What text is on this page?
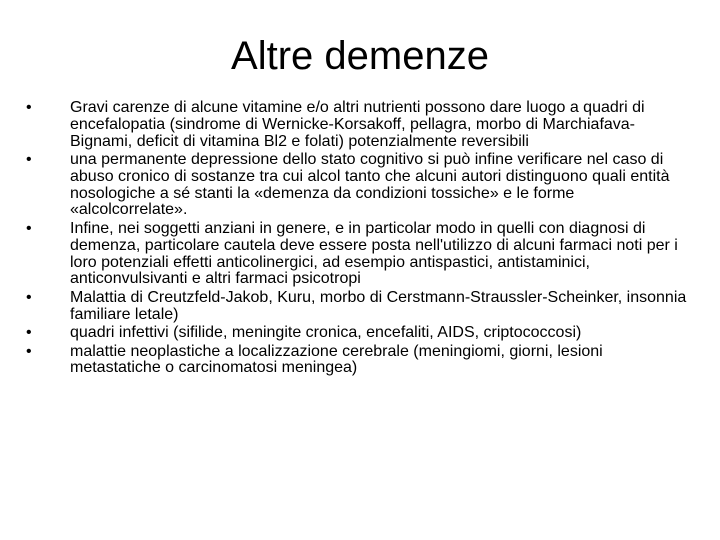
Altre demenze
•	Gravi carenze di alcune vitamine e/o altri nutrienti possono dare luogo a quadri di encefalopatia (sindrome di Wernicke-Korsakoff, pellagra, morbo di Marchiafava-Bignami, deficit di vitamina Bl2 e folati) potenzialmente reversibili
•	una permanente depressione dello stato cognitivo si può infine verificare nel caso di abuso cronico di sostanze tra cui alcol tanto che alcuni autori distinguono quali entità nosologiche a sé stanti la «demenza da condizioni tossiche» e le forme «alcolcorrelate».
•	Infine, nei soggetti anziani in genere, e in particolar modo in quelli con diagnosi di demenza, particolare cautela deve essere posta nell'utilizzo di alcuni farmaci noti per i loro potenziali effetti anticolinergici, ad esempio antispastici, antistaminici, anticonvulsivanti e altri farmaci psicotropi
•	Malattia di Creutzfeld-Jakob, Kuru, morbo di Cerstmann-Straussler-Scheinker, insonnia familiare letale)
•	quadri infettivi (sifilide, meningite cronica, encefaliti, AIDS, criptococcosi)
•	malattie neoplastiche a localizzazione cerebrale (meningiomi, giorni, lesioni metastatiche o carcinomatosi meningea)
